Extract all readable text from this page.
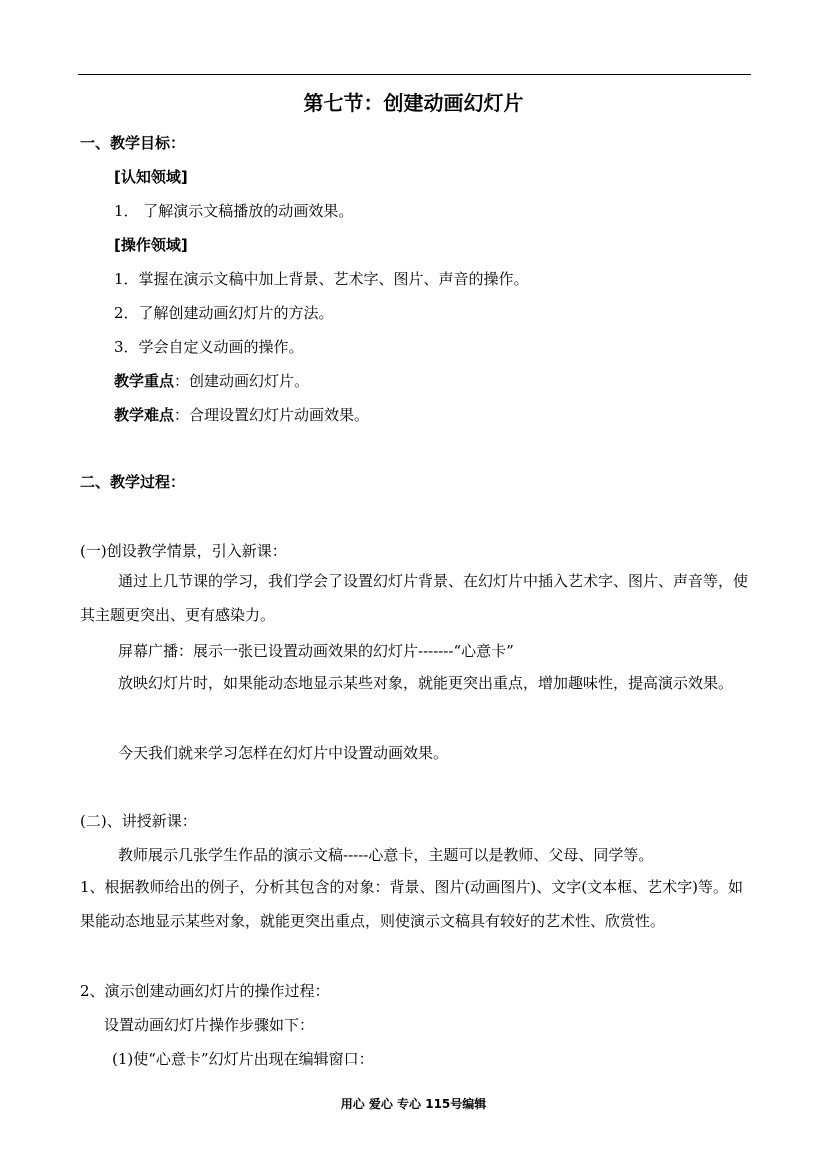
第七节：创建动画幻灯片
一、教学目标：
[认知领域]
1． 了解演示文稿播放的动画效果。
[操作领域]
1．掌握在演示文稿中加上背景、艺术字、图片、声音的操作。
2．了解创建动画幻灯片的方法。
3．学会自定义动画的操作。
教学重点：创建动画幻灯片。
教学难点：合理设置幻灯片动画效果。
二、教学过程：
(一)创设教学情景，引入新课：
通过上几节课的学习，我们学会了设置幻灯片背景、在幻灯片中插入艺术字、图片、声音等，使其主题更突出、更有感染力。
屏幕广播：展示一张已设置动画效果的幻灯片-------“心意卡”
放映幻灯片时，如果能动态地显示某些对象，就能更突出重点，增加趣味性，提高演示效果。
今天我们就来学习怎样在幻灯片中设置动画效果。
(二)、讲授新课：
教师展示几张学生作品的演示文稿-----心意卡，主题可以是教师、父母、同学等。
1、根据教师给出的例子，分析其包含的对象：背景、图片(动画图片)、文字(文本框、艺术字)等。如果能动态地显示某些对象，就能更突出重点，则使演示文稿具有较好的艺术性、欣赏性。
2、演示创建动画幻灯片的操作过程：
设置动画幻灯片操作步骤如下：
(1)使“心意卡”幻灯片出现在编辑窗口：
用心 爱心 专心 115号编辑
